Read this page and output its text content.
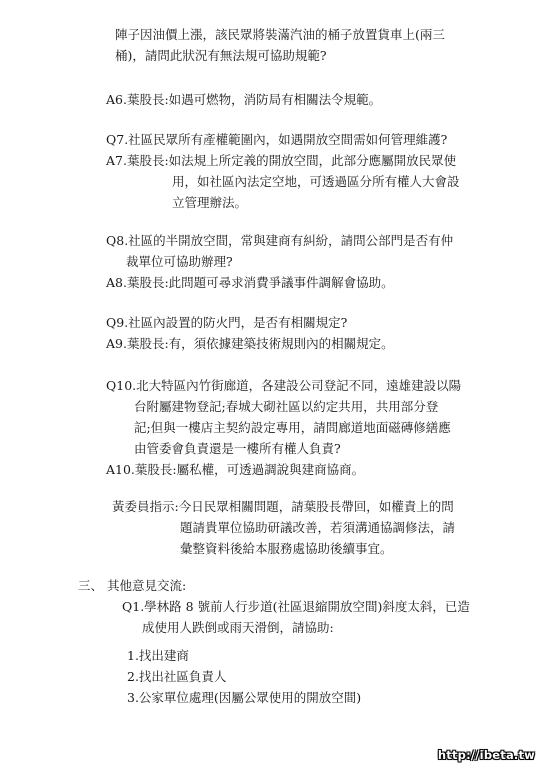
陣子因油價上漲，該民眾將裝滿汽油的桶子放置貨車上(兩三
桶)，請問此狀況有無法規可協助規範?
A6.葉股長:如遇可燃物，消防局有相關法令規範。
Q7.社區民眾所有產權範圍內，如遇開放空間需如何管理維護?
A7.葉股長:如法規上所定義的開放空間，此部分應屬開放民眾使
用，如社區內法定空地，可透過區分所有權人大會設
立管理辦法。
Q8.社區的半開放空間，常與建商有糾紛，請問公部門是否有仲
裁單位可協助辦理?
A8.葉股長:此問題可尋求消費爭議事件調解會協助。
Q9.社區內設置的防火門，是否有相關規定?
A9.葉股長:有，須依據建築技術規則內的相關規定。
Q10.北大特區內竹街廊道，各建設公司登記不同，遠雄建設以陽
台附屬建物登記;春城大砌社區以約定共用，共用部分登
記;但與一樓店主契約設定專用，請問廊道地面磁磚修繕應
由管委會負責還是一樓所有權人負責?
A10.葉股長:屬私權，可透過調說與建商協商。
黃委員指示:今日民眾相關問題，請葉股長帶回，如權責上的問
題請貴單位協助研議改善，若須溝通協調修法，請
彙整資料後給本服務處協助後續事宜。
三、 其他意見交流:
Q1.學林路 8 號前人行步道(社區退縮開放空間)斜度太斜，已造
成使用人跌倒或雨天滑倒，請協助:
1.找出建商
2.找出社區負責人
3.公家單位處理(因屬公眾使用的開放空間)
http://ibeta.tw
